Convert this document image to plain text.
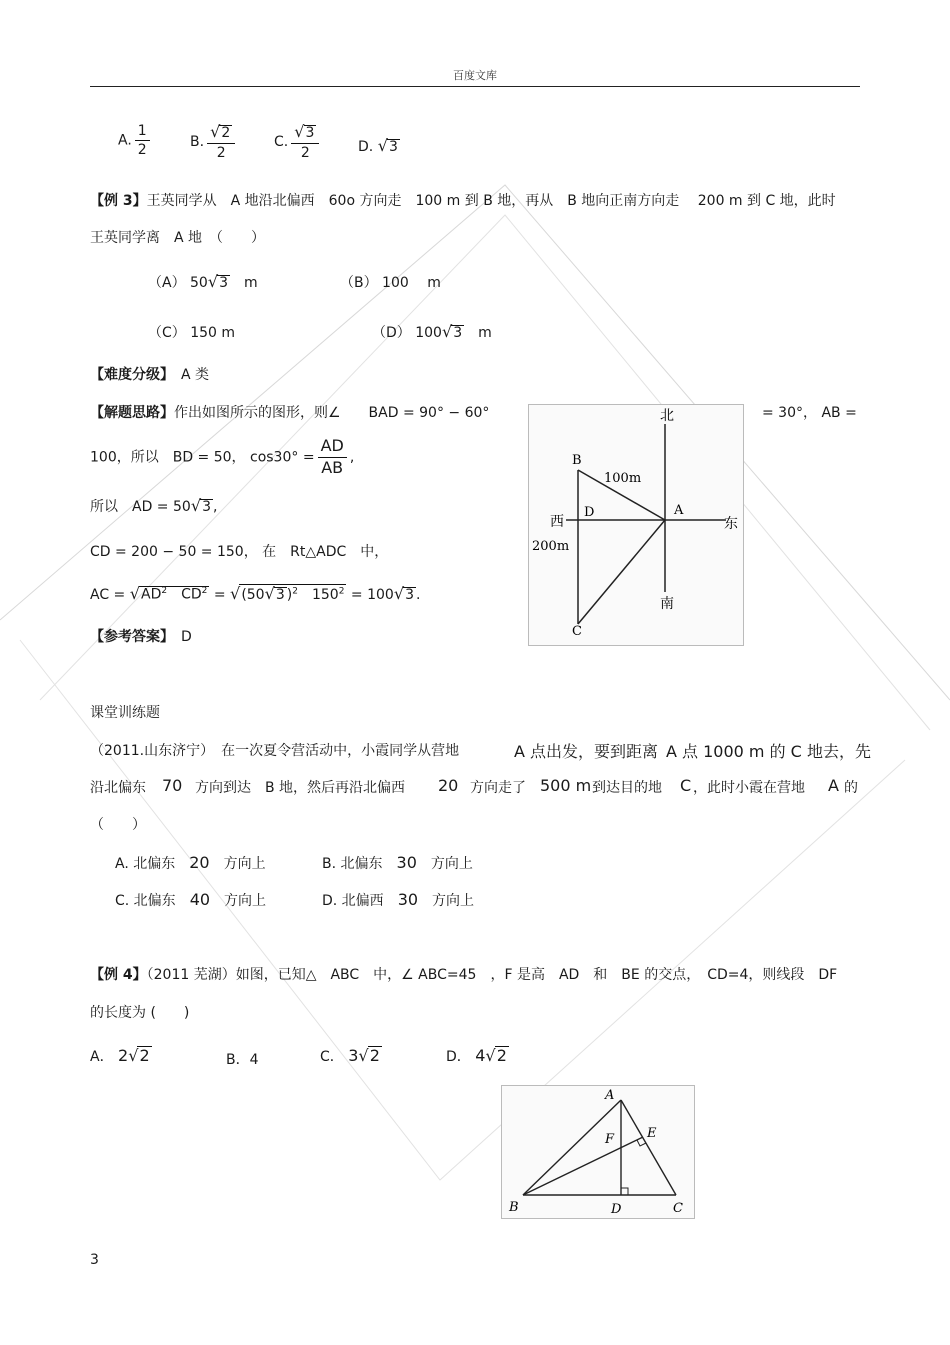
百度文库
A. $\frac{1}{2}$	B. $\frac{√2}{2}$	C. $\frac{√3}{2}$	D. √3
【例 3】王英同学从　A 地沿北偏西　60o 方向走　100 m 到 B 地，再从　B 地向正南方向走　 200 m 到 C 地，此时
王英同学离　A 地　（　　）
（A） 50√3　 m	（B） 100　 m
（C） 150 m	（D） 100√3　 m
【难度分级】　 A 类
【解题思路】作出如图所示的图形，则∠　　BAD = 90° − 60°	= 30°， AB =
100，所以　BD = 50， $\cos 30^\circ = \frac{AD}{AB}$ ,
所以　AD = 50√3 ,
CD = 200 − 50 = 150， 在　Rt△ADC　中，
AC = $√AD^2$　 $CD^2 = √(50√3$ )$^2$　 $150^2 = 100√3$ .
【参考答案】　 D
北
南
西	东
B
D	A
C
100m
200m
课堂训练题
（2011.山东济宁）　在一次夏令营活动中，小霞同学从营地	A 点出发，要到距离 A 点 1000 m 的 C 地去，先
沿北偏东 70 方向到达　B 地，然后再沿北偏西 20 方向走了 500 m 到达目的地 C ，此时小霞在营地 A 的
（　　）
A. 北偏东　 20　 方向上	B. 北偏东　 30　 方向上
C. 北偏东　 40　 方向上	D. 北偏西　 30　 方向上
【例 4】（2011 芜湖）如图，已知△　ABC　中，∠ ABC=45　，F 是高　AD　和　BE 的交点，　CD=4，则线段　DF
的长度为 (　　)
A． 2√2	B．4	C． 3√2	D． 4√2
A
B	C
D
E
F
3
